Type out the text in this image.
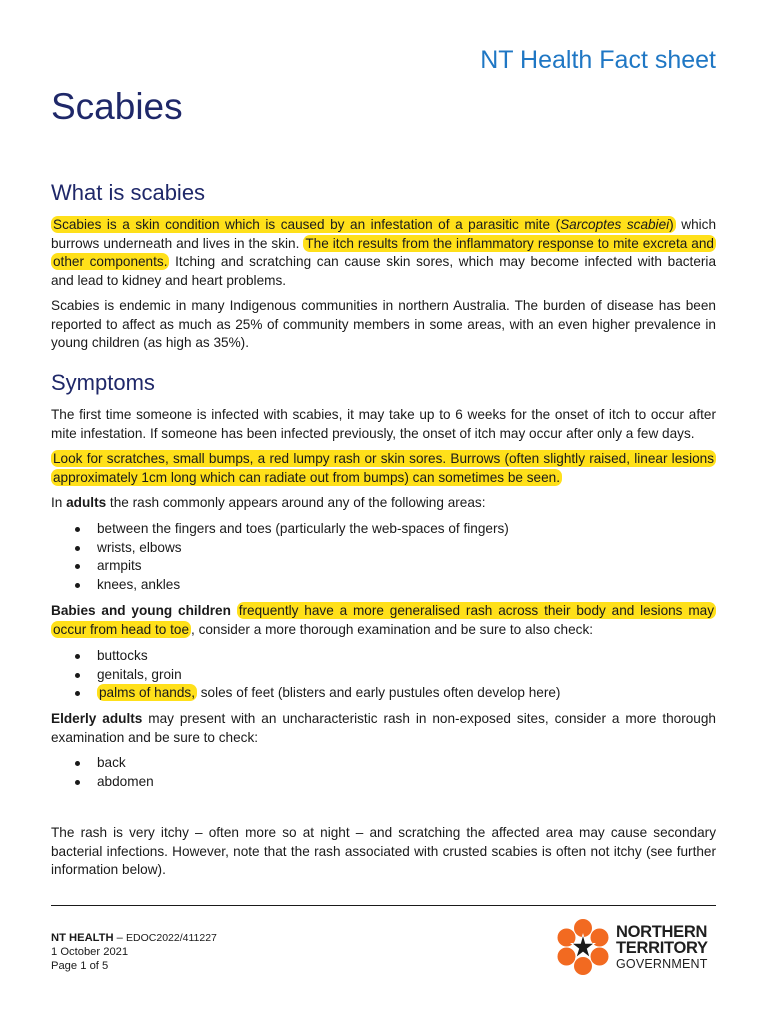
NT Health Fact sheet
Scabies
What is scabies

Scabies is a skin condition which is caused by an infestation of a parasitic mite (Sarcoptes scabiei) which burrows underneath and lives in the skin. The itch results from the inflammatory response to mite excreta and other components. Itching and scratching can cause skin sores, which may become infected with bacteria and lead to kidney and heart problems.

Scabies is endemic in many Indigenous communities in northern Australia. The burden of disease has been reported to affect as much as 25% of community members in some areas, with an even higher prevalence in young children (as high as 35%).

Symptoms

The first time someone is infected with scabies, it may take up to 6 weeks for the onset of itch to occur after mite infestation. If someone has been infected previously, the onset of itch may occur after only a few days.

Look for scratches, small bumps, a red lumpy rash or skin sores. Burrows (often slightly raised, linear lesions approximately 1cm long which can radiate out from bumps) can sometimes be seen.

In adults the rash commonly appears around any of the following areas:

between the fingers and toes (particularly the web-spaces of fingers)
wrists, elbows
armpits
knees, ankles

Babies and young children frequently have a more generalised rash across their body and lesions may occur from head to toe , consider a more thorough examination and be sure to also check:

buttocks
genitals, groin
palms of hands, soles of feet (blisters and early pustules often develop here)

Elderly adults may present with an uncharacteristic rash in non-exposed sites, consider a more thorough examination and be sure to check:

back
abdomen

The rash is very itchy – often more so at night – and scratching the affected area may cause secondary bacterial infections. However, note that the rash associated with crusted scabies is often not itchy (see further information below).

NT HEALTH – EDOC2022/411227
1 October 2021
Page 1 of 5
NORTHERN
TERRITORY
GOVERNMENT
